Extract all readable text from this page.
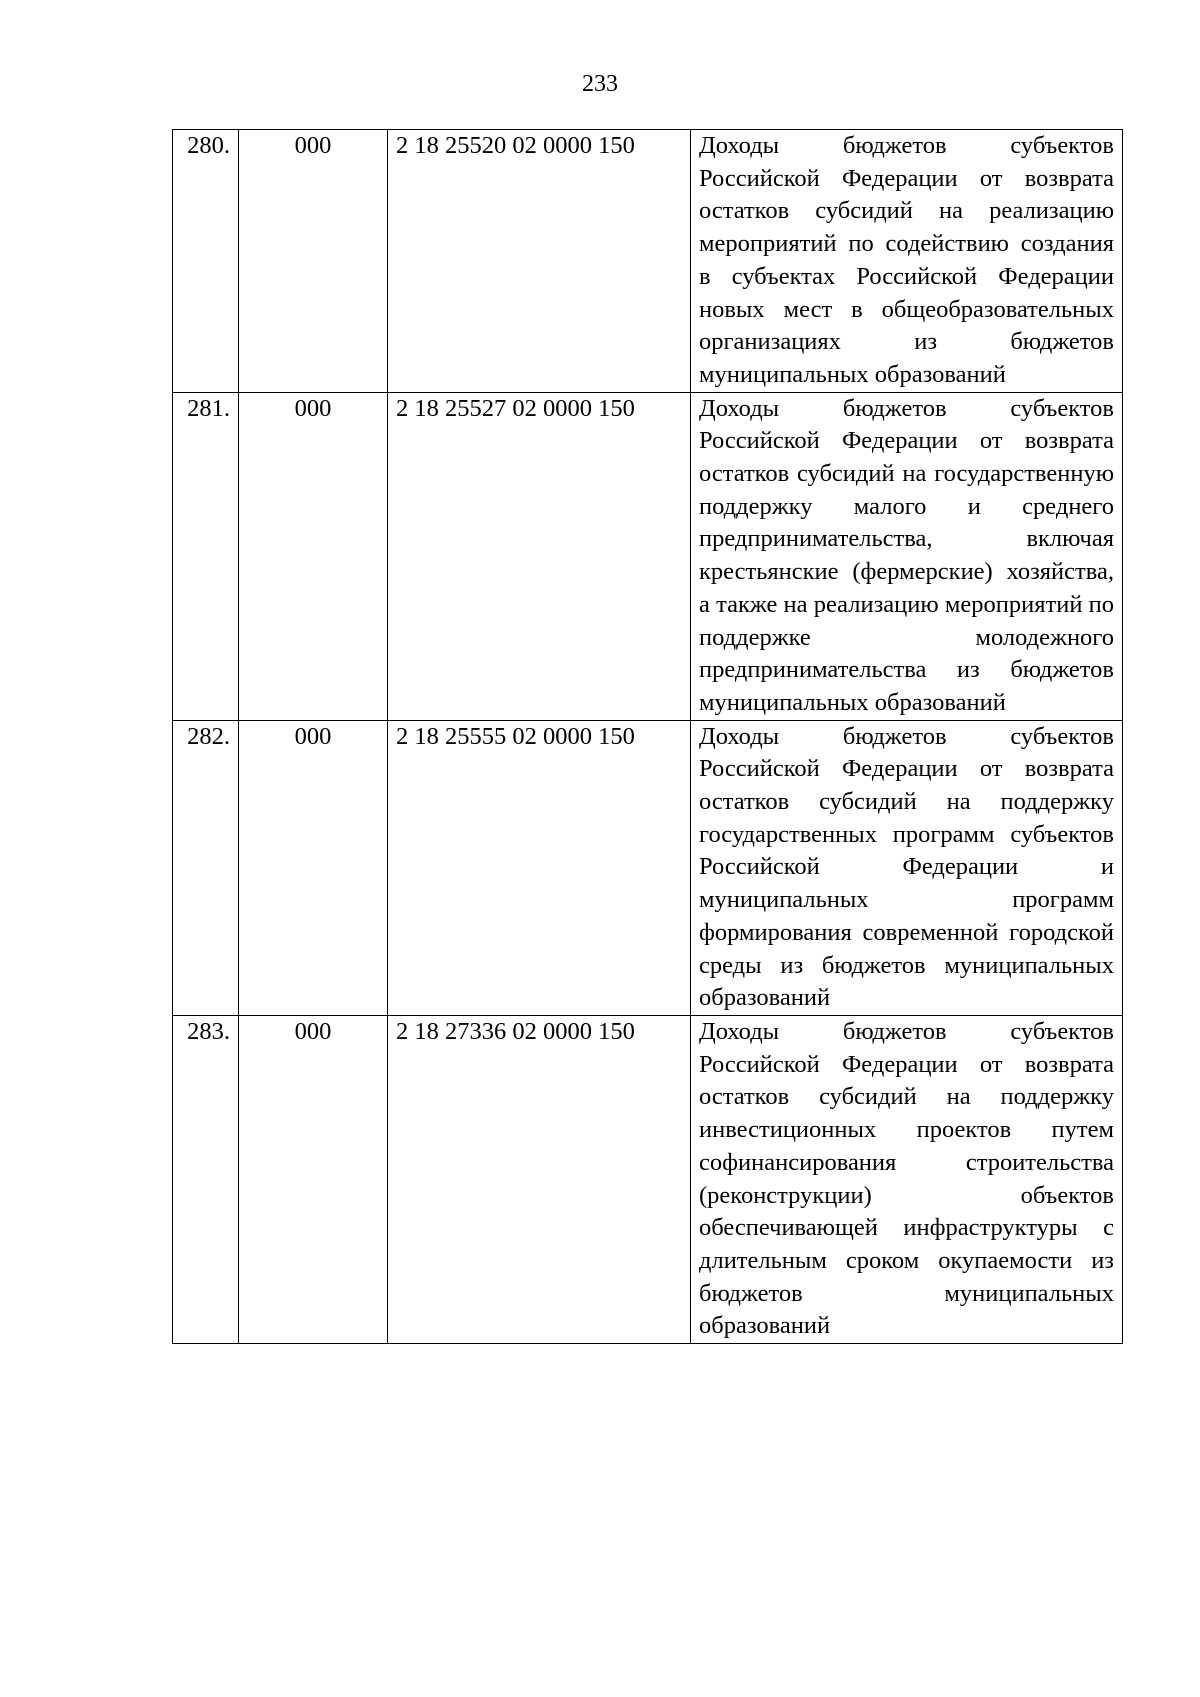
233
280.	000	2 18 25520 02 0000 150	Доходы бюджетов субъектов Российской Федерации от возврата остатков субсидий на реализацию мероприятий по содействию создания в субъектах Российской Федерации новых мест в общеобразовательных организациях из бюджетов муниципальных образований
281.	000	2 18 25527 02 0000 150	Доходы бюджетов субъектов Российской Федерации от возврата остатков субсидий на государственную поддержку малого и среднего предпринимательства, включая крестьянские (фермерские) хозяйства, а также на реализацию мероприятий по поддержке молодежного предпринимательства из бюджетов муниципальных образований
282.	000	2 18 25555 02 0000 150	Доходы бюджетов субъектов Российской Федерации от возврата остатков субсидий на поддержку государственных программ субъектов Российской Федерации и муниципальных программ формирования современной городской среды из бюджетов муниципальных образований
283.	000	2 18 27336 02 0000 150	Доходы бюджетов субъектов Российской Федерации от возврата остатков субсидий на поддержку инвестиционных проектов путем софинансирования строительства (реконструкции) объектов обеспечивающей инфраструктуры с длительным сроком окупаемости из бюджетов муниципальных образований
